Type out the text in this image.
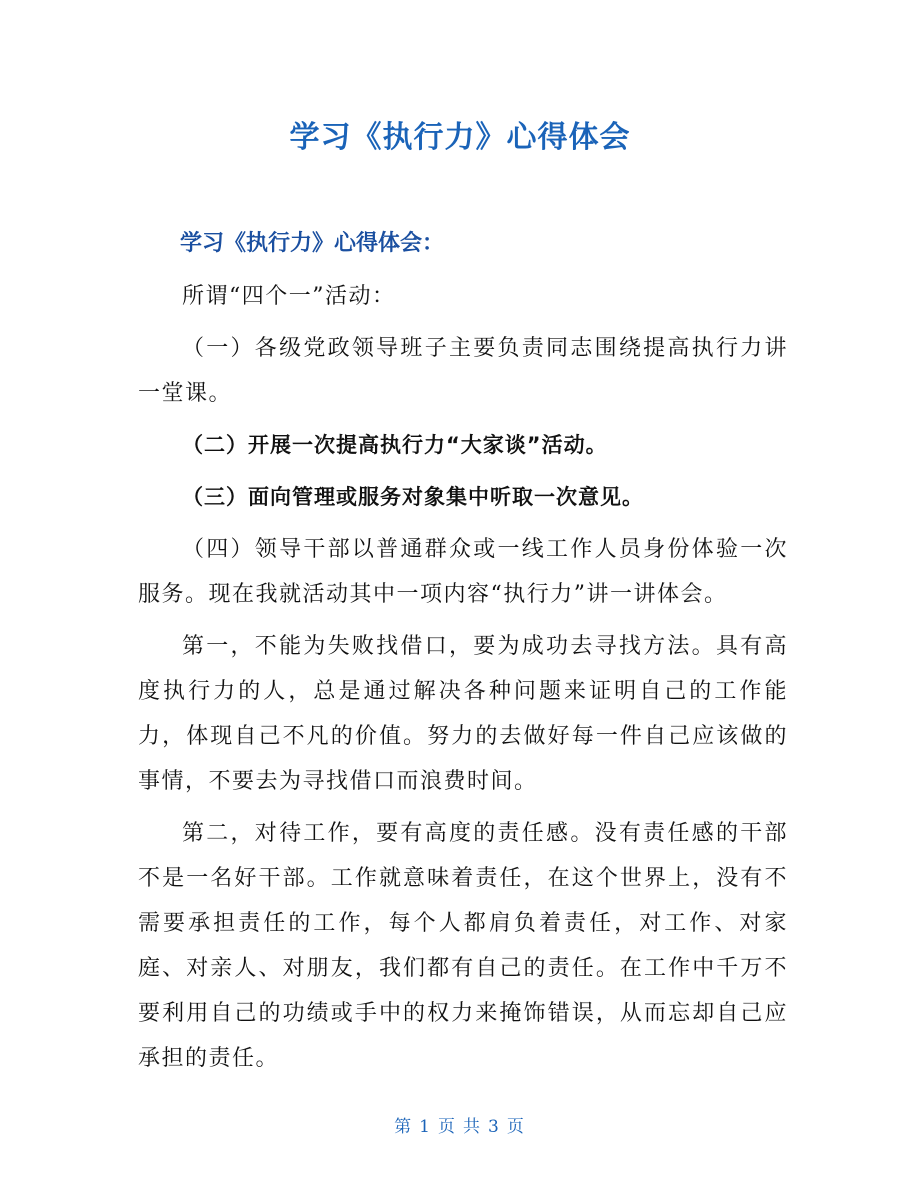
学习《执行力》心得体会
学习《执行力》心得体会：

所谓“四个一”活动：

（一）各级党政领导班子主要负责同志围绕提高执行力讲一堂课。

（二）开展一次提高执行力“大家谈”活动。

（三）面向管理或服务对象集中听取一次意见。

（四）领导干部以普通群众或一线工作人员身份体验一次服务。现在我就活动其中一项内容“执行力”讲一讲体会。

第一，不能为失败找借口，要为成功去寻找方法。具有高度执行力的人，总是通过解决各种问题来证明自己的工作能力，体现自己不凡的价值。努力的去做好每一件自己应该做的事情，不要去为寻找借口而浪费时间。

第二，对待工作，要有高度的责任感。没有责任感的干部不是一名好干部。工作就意味着责任，在这个世界上，没有不需要承担责任的工作，每个人都肩负着责任，对工作、对家庭、对亲人、对朋友，我们都有自己的责任。在工作中千万不要利用自己的功绩或手中的权力来掩饰错误，从而忘却自己应承担的责任。

第 1 页 共 3 页
